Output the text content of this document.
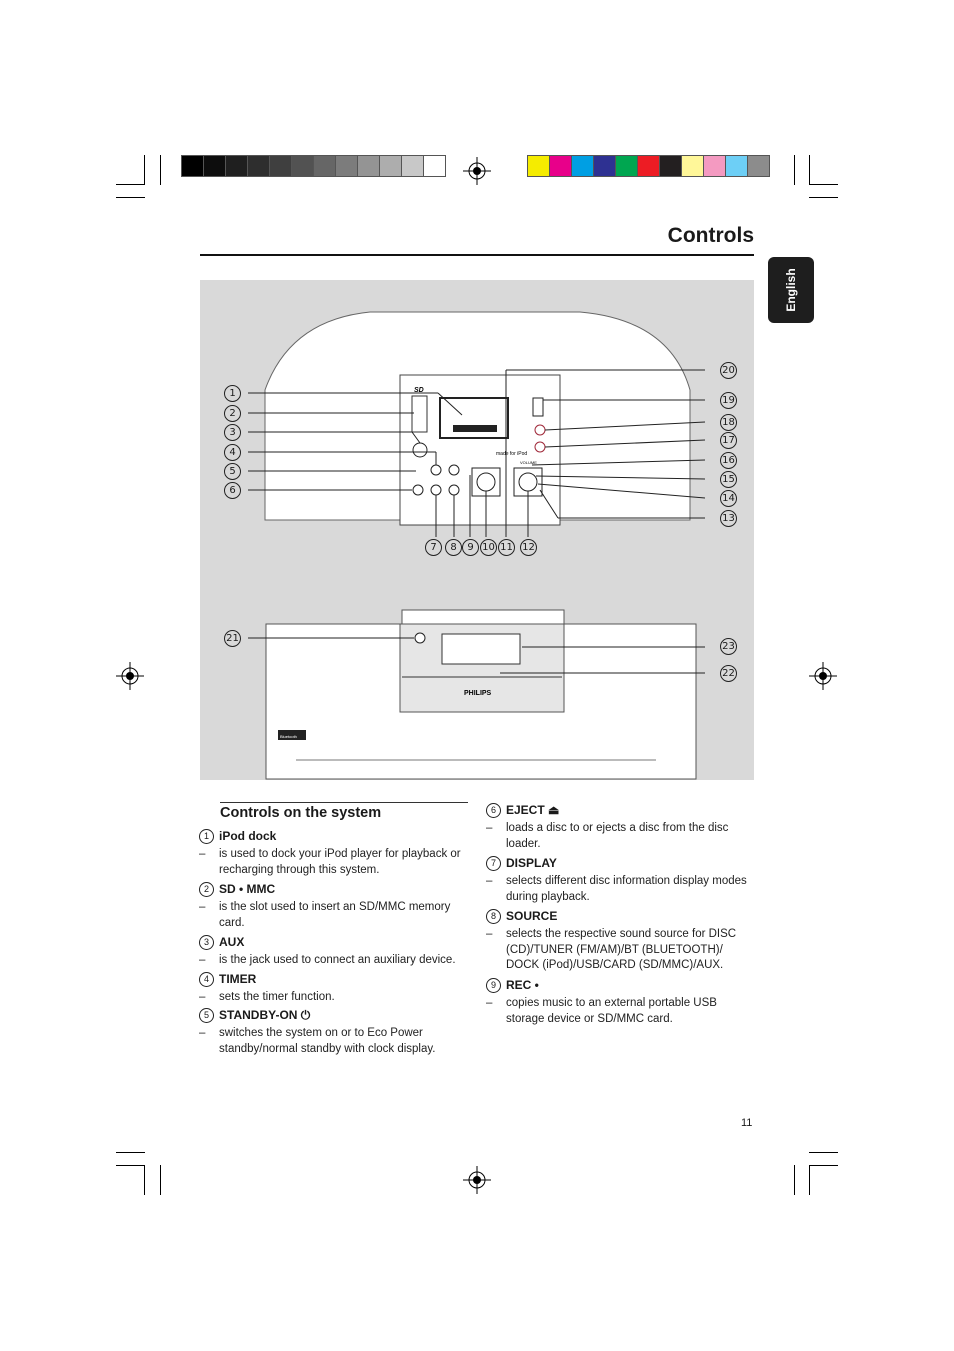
Controls
English
SD
made for iPod
VOLUME
PHILIPS
Bluetooth
1
2
3
4
5
6
7	8	9 10 11 12
20
19
18
17
16
15
14
13
21
23
22
Controls on the system
11
1 iPod dock
– is used to dock your iPod player for playback or recharging through this system.
2 SD • MMC
– is the slot used to insert an SD/MMC memory card.
3 AUX
– is the jack used to connect an auxiliary device.
4 TIMER
– sets the timer function.
5 STANDBY-ON ⏻
– switches the system on or to Eco Power standby/normal standby with clock display.
6 EJECT ⏏
– loads a disc to or ejects a disc from the disc loader.
7 DISPLAY
– selects different disc information display modes during playback.
8 SOURCE
– selects the respective sound source for DISC (CD)/TUNER (FM/AM)/BT (BLUETOOTH)/ DOCK (iPod)/USB/CARD (SD/MMC)/AUX.
9 REC •
– copies music to an external portable USB storage device or SD/MMC card.
